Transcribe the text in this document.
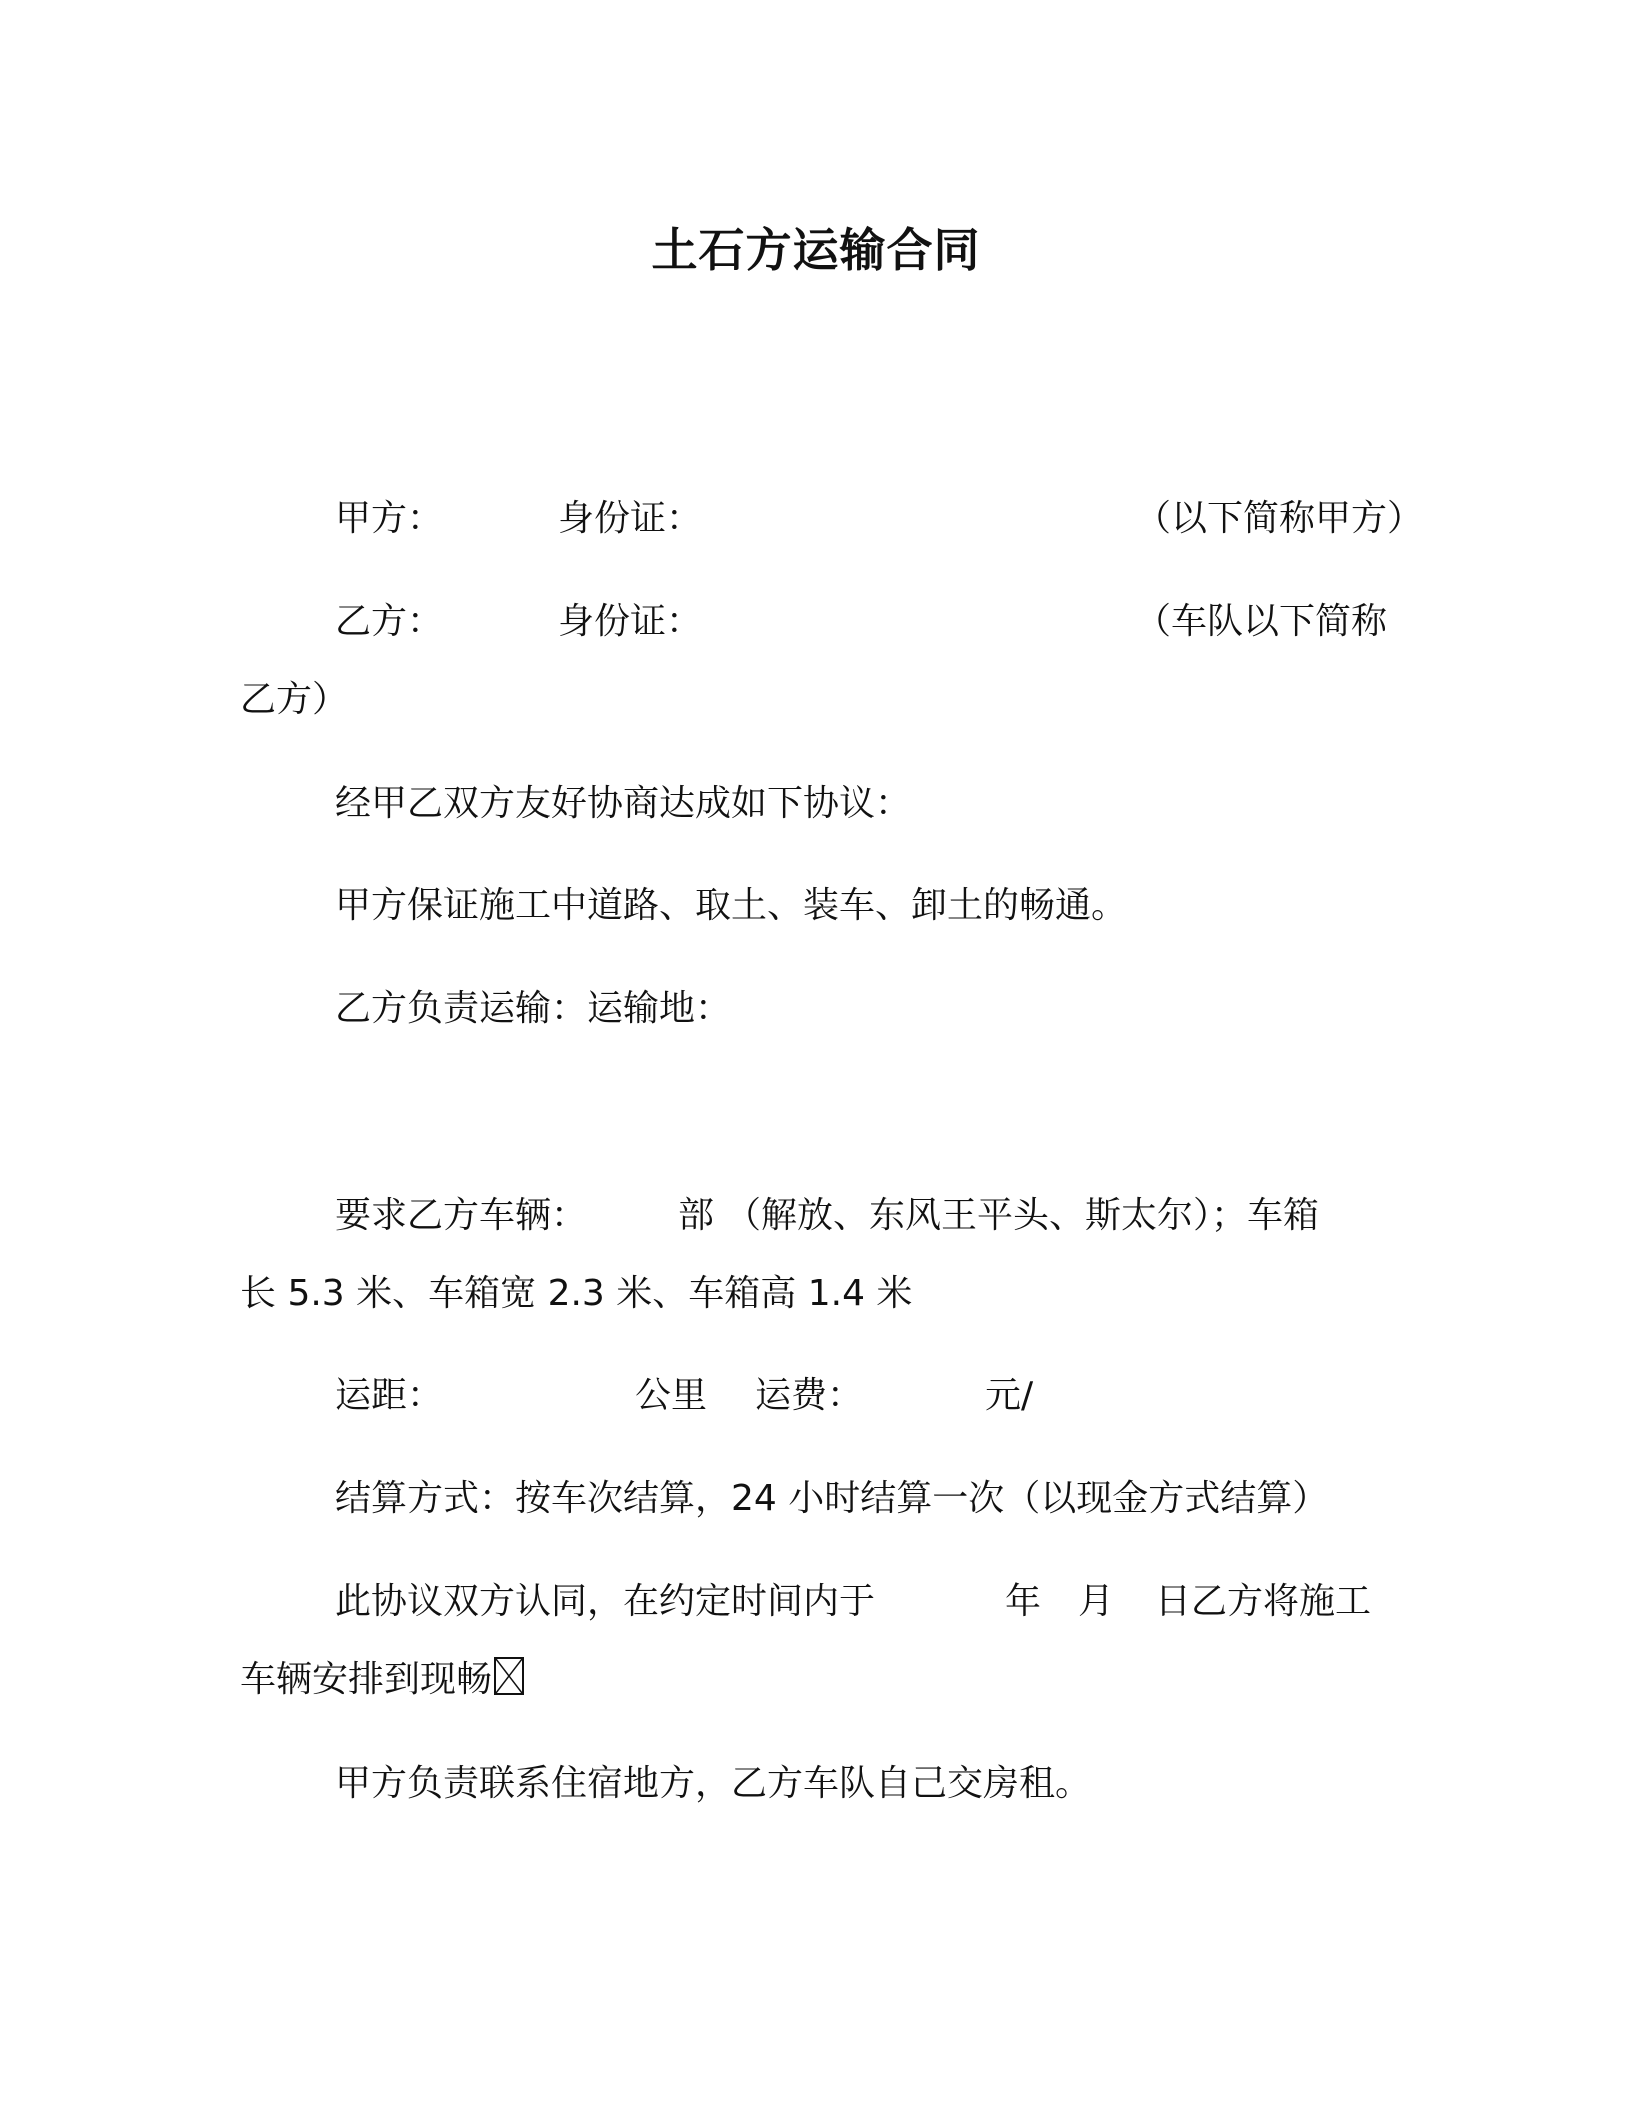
土石方运输合同
甲方：	身份证：	（以下简称甲方）
乙方：	身份证：	（车队以下简称
乙方）
经甲乙双方友好协商达成如下协议：
甲方保证施工中道路、取土、装车、卸土的畅通。
乙方负责运输：运输地：
要求乙方车辆：	部 （解放、东风王平头、斯太尔）；车箱
长 5.3 米、车箱宽 2.3 米、车箱高 1.4 米
运距：	公里 运费：	元/
结算方式：按车次结算，24 小时结算一次（以现金方式结算）
此协议双方认同，在约定时间内于	年 月 日乙方将施工
车辆安排到现畅
甲方负责联系住宿地方，乙方车队自己交房租。
